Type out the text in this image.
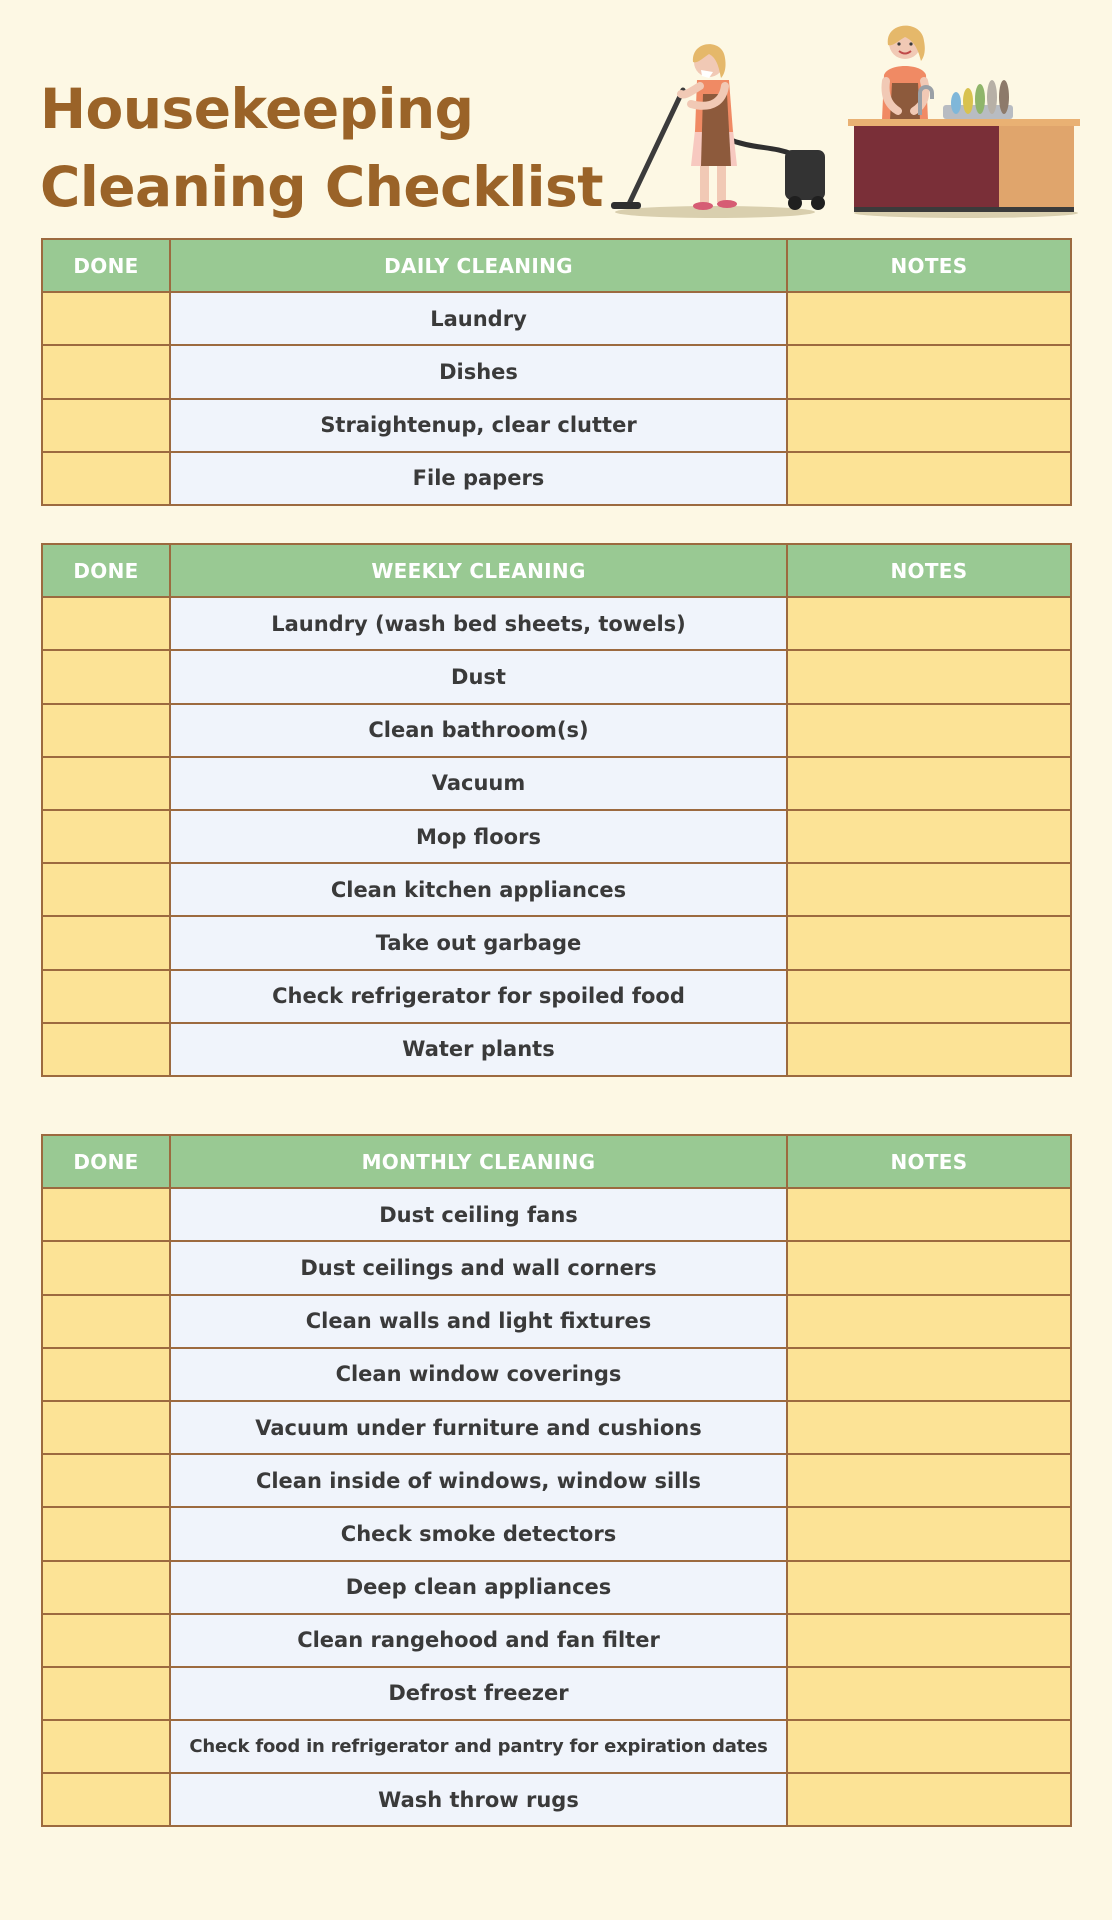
Housekeeping
Cleaning Checklist
DONE	DAILY CLEANING	NOTES
	Laundry	
	Dishes	
	Straightenup, clear clutter	
	File papers	
DONE	WEEKLY CLEANING	NOTES
	Laundry (wash bed sheets, towels)	
	Dust	
	Clean bathroom(s)	
	Vacuum	
	Mop floors	
	Clean kitchen appliances	
	Take out garbage	
	Check refrigerator for spoiled food	
	Water plants	
DONE	MONTHLY CLEANING	NOTES
	Dust ceiling fans	
	Dust ceilings and wall corners	
	Clean walls and light fixtures	
	Clean window coverings	
	Vacuum under furniture and cushions	
	Clean inside of windows, window sills	
	Check smoke detectors	
	Deep clean appliances	
	Clean rangehood and fan filter	
	Defrost freezer	
	Check food in refrigerator and pantry for expiration dates	
	Wash throw rugs	
